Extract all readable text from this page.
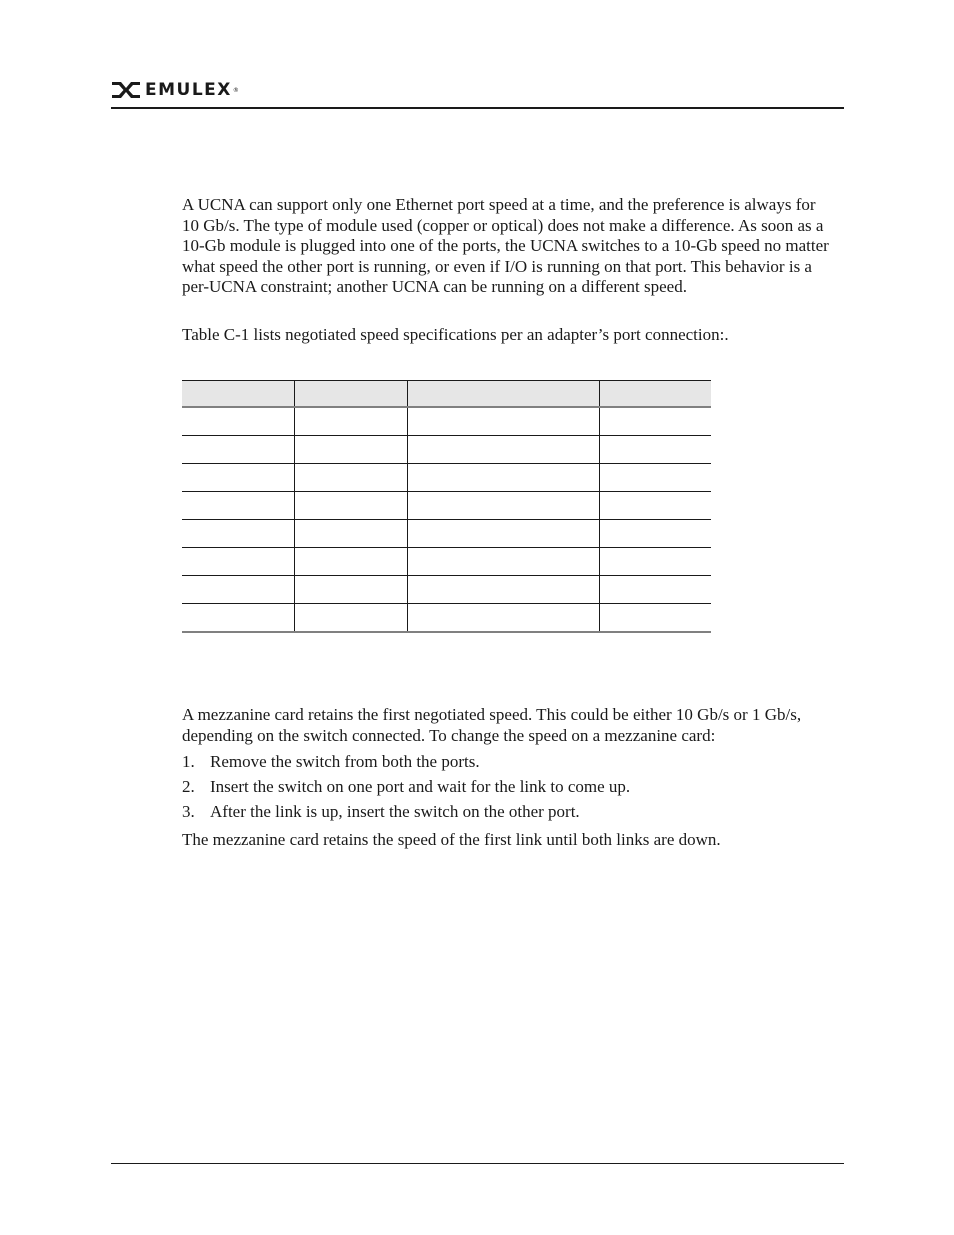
EMULEX ®

A UCNA can support only one Ethernet port speed at a time, and the preference is always for 10 Gb/s. The type of module used (copper or optical) does not make a difference. As soon as a 10-Gb module is plugged into one of the ports, the UCNA switches to a 10-Gb speed no matter what speed the other port is running, or even if I/O is running on that port. This behavior is a per-UCNA constraint; another UCNA can be running on a different speed.

Table C-1 lists negotiated speed specifications per an adapter’s port connection:.

A mezzanine card retains the first negotiated speed. This could be either 10 Gb/s or 1 Gb/s, depending on the switch connected. To change the speed on a mezzanine card:

1. Remove the switch from both the ports.
2. Insert the switch on one port and wait for the link to come up.
3. After the link is up, insert the switch on the other port.

The mezzanine card retains the speed of the first link until both links are down.
